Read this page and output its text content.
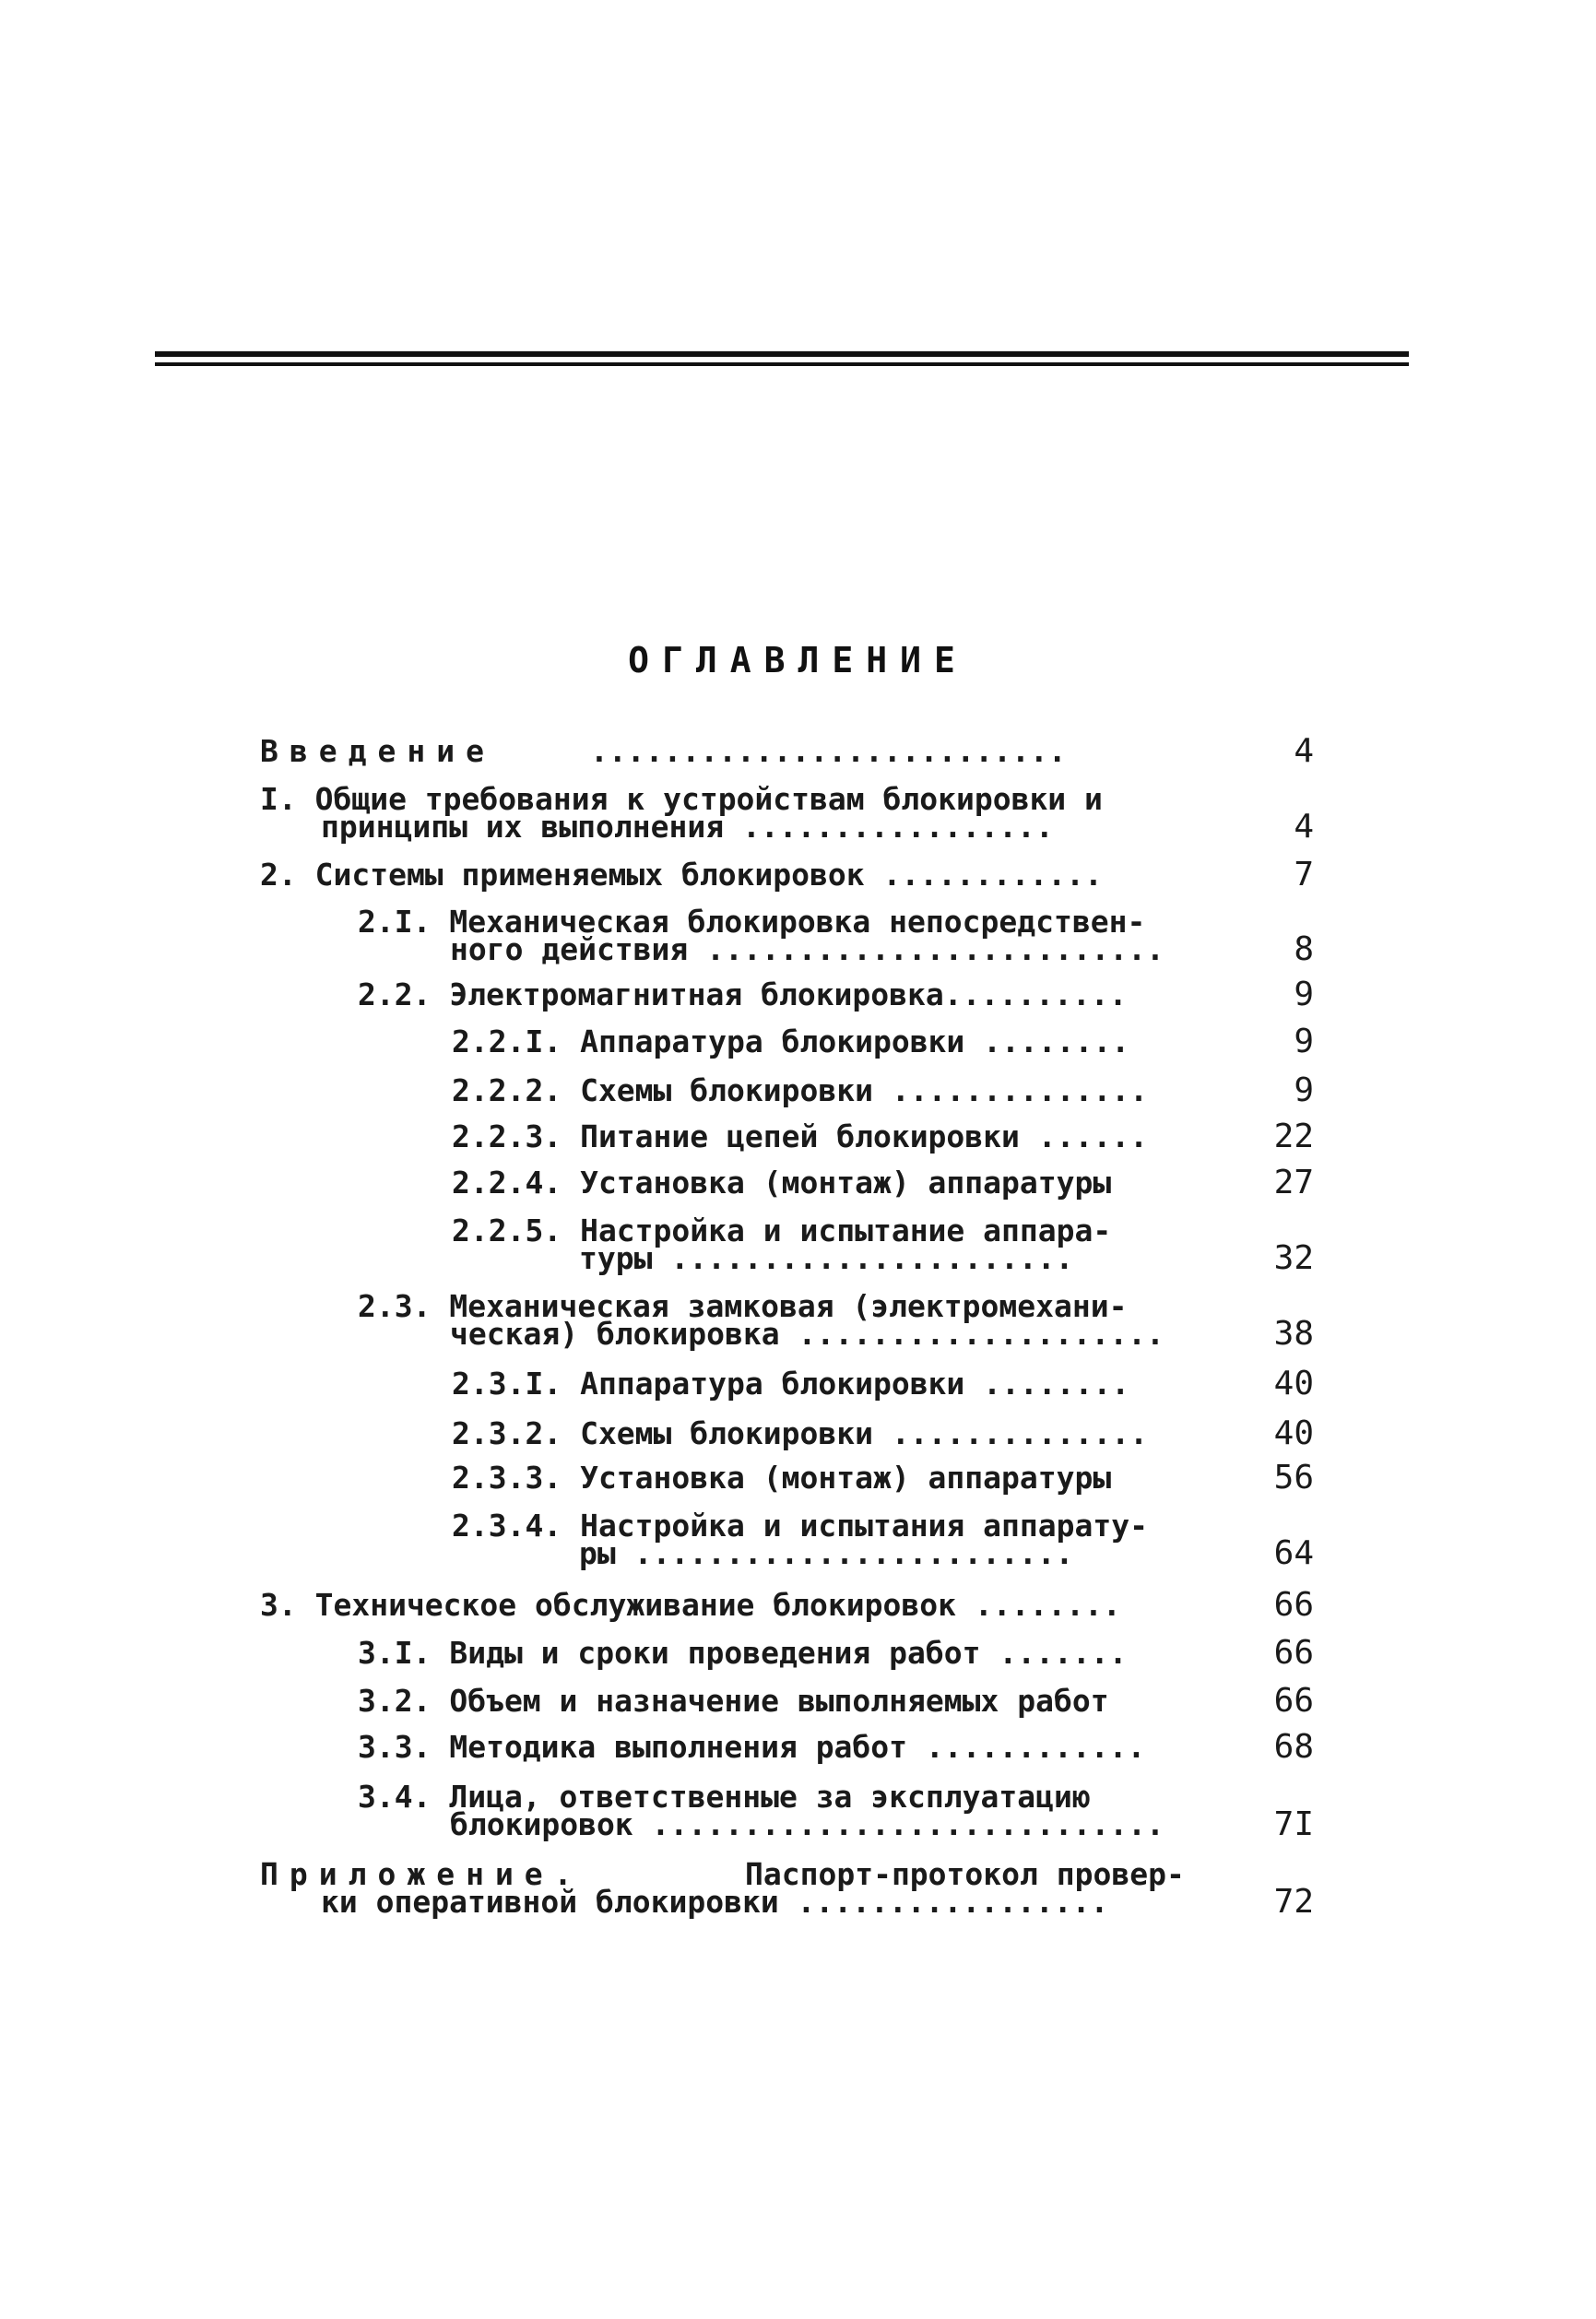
ОГЛАВЛЕНИЕ
Введение	..........................	4
I. Общие требования к устройствам блокировки и
принципы их выполнения .................	4
2. Системы применяемых блокировок ............	7
2.I. Механическая блокировка непосредствен-
ного действия .........................	8
2.2. Электромагнитная блокировка..........	9
2.2.I. Аппаратура блокировки ........	9
2.2.2. Схемы блокировки ..............	9
2.2.3. Питание цепей блокировки ......	22
2.2.4. Установка (монтаж) аппаратуры	27
2.2.5. Настройка и испытание аппара-
туры ......................	32
2.3. Механическая замковая (электромехани-
ческая) блокировка ....................	38
2.3.I. Аппаратура блокировки ........	40
2.3.2. Схемы блокировки ..............	40
2.3.3. Установка (монтаж) аппаратуры	56
2.3.4. Настройка и испытания аппарату-
ры ........................	64
3. Техническое обслуживание блокировок ........	66
3.I. Виды и сроки проведения работ .......	66
3.2. Объем и назначение выполняемых работ	66
3.3. Методика выполнения работ ............	68
3.4. Лица, ответственные за эксплуатацию
блокировок ............................	7I
Приложение.	Паспорт-протокол провер-
ки оперативной блокировки .................	72
